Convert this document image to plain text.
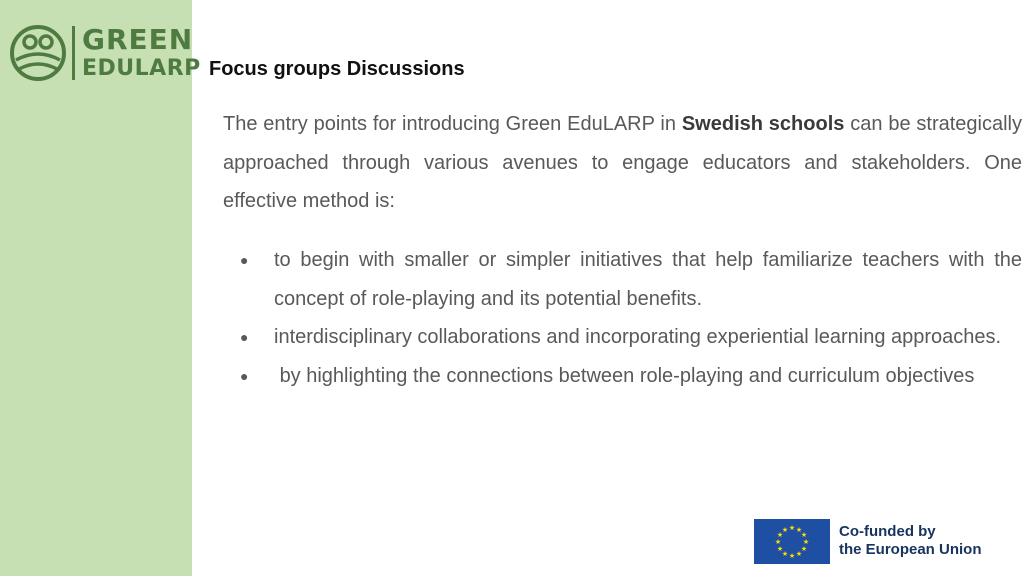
GREEN
EDULARP Focus groups Discussions

The entry points for introducing Green EduLARP in Swedish schools can be strategically approached through various avenues to engage educators and stakeholders. One effective method is:

● to begin with smaller or simpler initiatives that help familiarize teachers with the concept of role-playing and its potential benefits.
● interdisciplinary collaborations and incorporating experiential learning approaches.
● by highlighting the connections between role-playing and curriculum objectives
★ ★
★
★
★
★
★
★
★
★
★
★	Co-funded by
the European Union
